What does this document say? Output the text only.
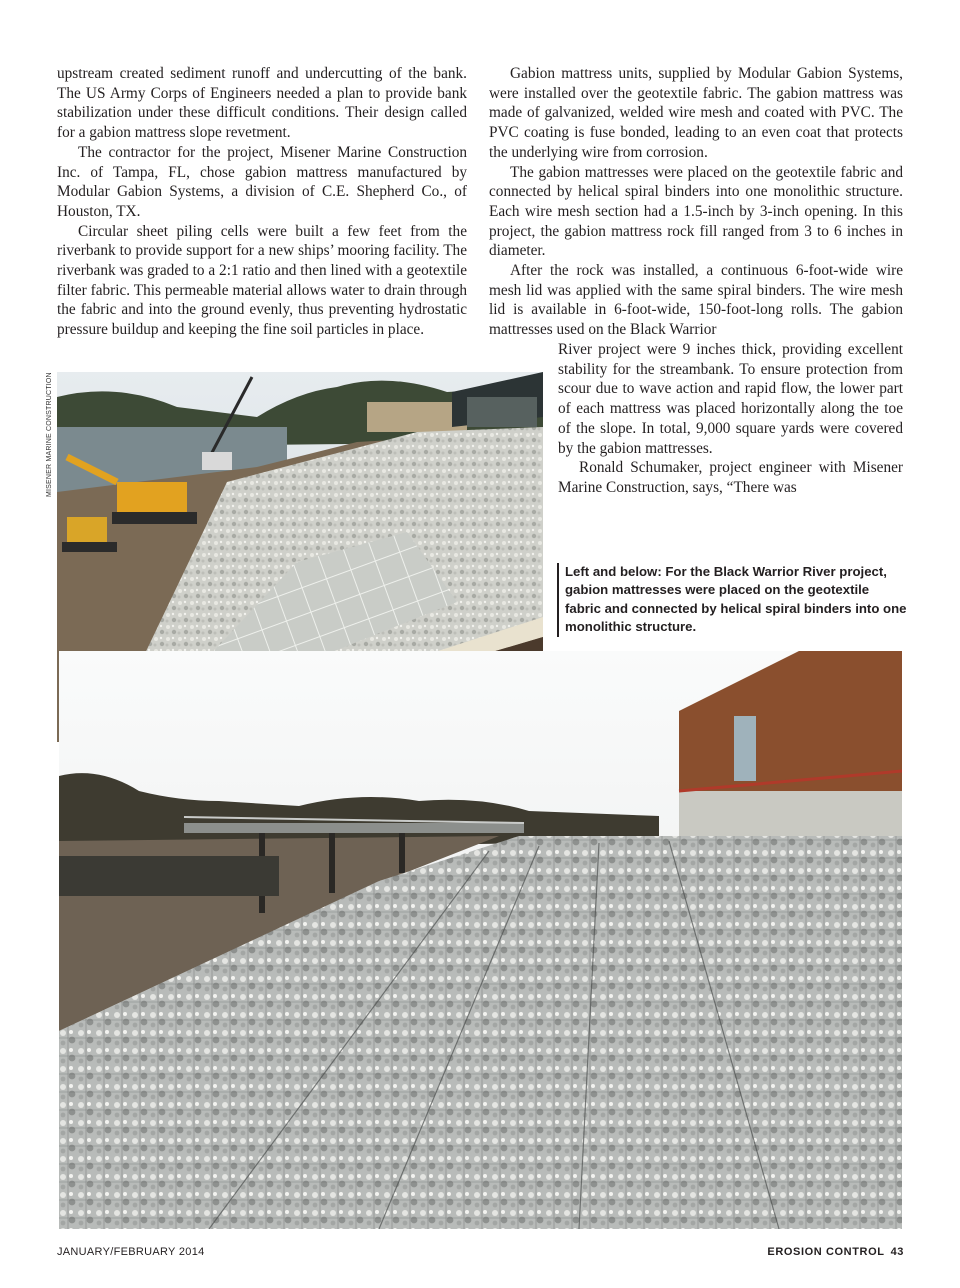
upstream created sediment runoff and undercutting of the bank. The US Army Corps of Engineers needed a plan to provide bank stabilization under these difficult conditions. Their design called for a gabion mattress slope revetment.

The contractor for the project, Misener Marine Construction Inc. of Tampa, FL, chose gabion mattress manufactured by Modular Gabion Systems, a division of C.E. Shepherd Co., of Houston, TX.

Circular sheet piling cells were built a few feet from the riverbank to provide support for a new ships’ mooring facility. The riverbank was graded to a 2:1 ratio and then lined with a geotextile filter fabric. This permeable material allows water to drain through the fabric and into the ground evenly, thus preventing hydrostatic pressure buildup and keeping the fine soil particles in place.

Gabion mattress units, supplied by Modular Gabion Systems, were installed over the geotextile fabric. The gabion mattress was made of galvanized, welded wire mesh and coated with PVC. The PVC coating is fuse bonded, leading to an even coat that protects the underlying wire from corrosion.

The gabion mattresses were placed on the geotextile fabric and connected by helical spiral binders into one monolithic structure. Each wire mesh section had a 1.5-inch by 3-inch opening. In this project, the gabion mattress rock fill ranged from 3 to 6 inches in diameter.

After the rock was installed, a continuous 6-foot-wide wire mesh lid was applied with the same spiral binders. The wire mesh lid is available in 6-foot-wide, 150-foot-long rolls. The gabion mattresses used on the Black Warrior

River project were 9 inches thick, providing excellent stability for the streambank. To ensure protection from scour due to wave action and rapid flow, the lower part of each mattress was placed horizontally along the toe of the slope. In total, 9,000 square yards were covered by the gabion mattresses.

Ronald Schumaker, project engineer with Misener Marine Construction, says, “There was

MISENER MARINE CONSTRUCTION
Left and below: For the Black Warrior River project, gabion mattresses were placed on the geotextile fabric and connected by helical spiral binders into one monolithic structure.
JANUARY/FEBRUARY 2014	EROSION CONTROL 43
